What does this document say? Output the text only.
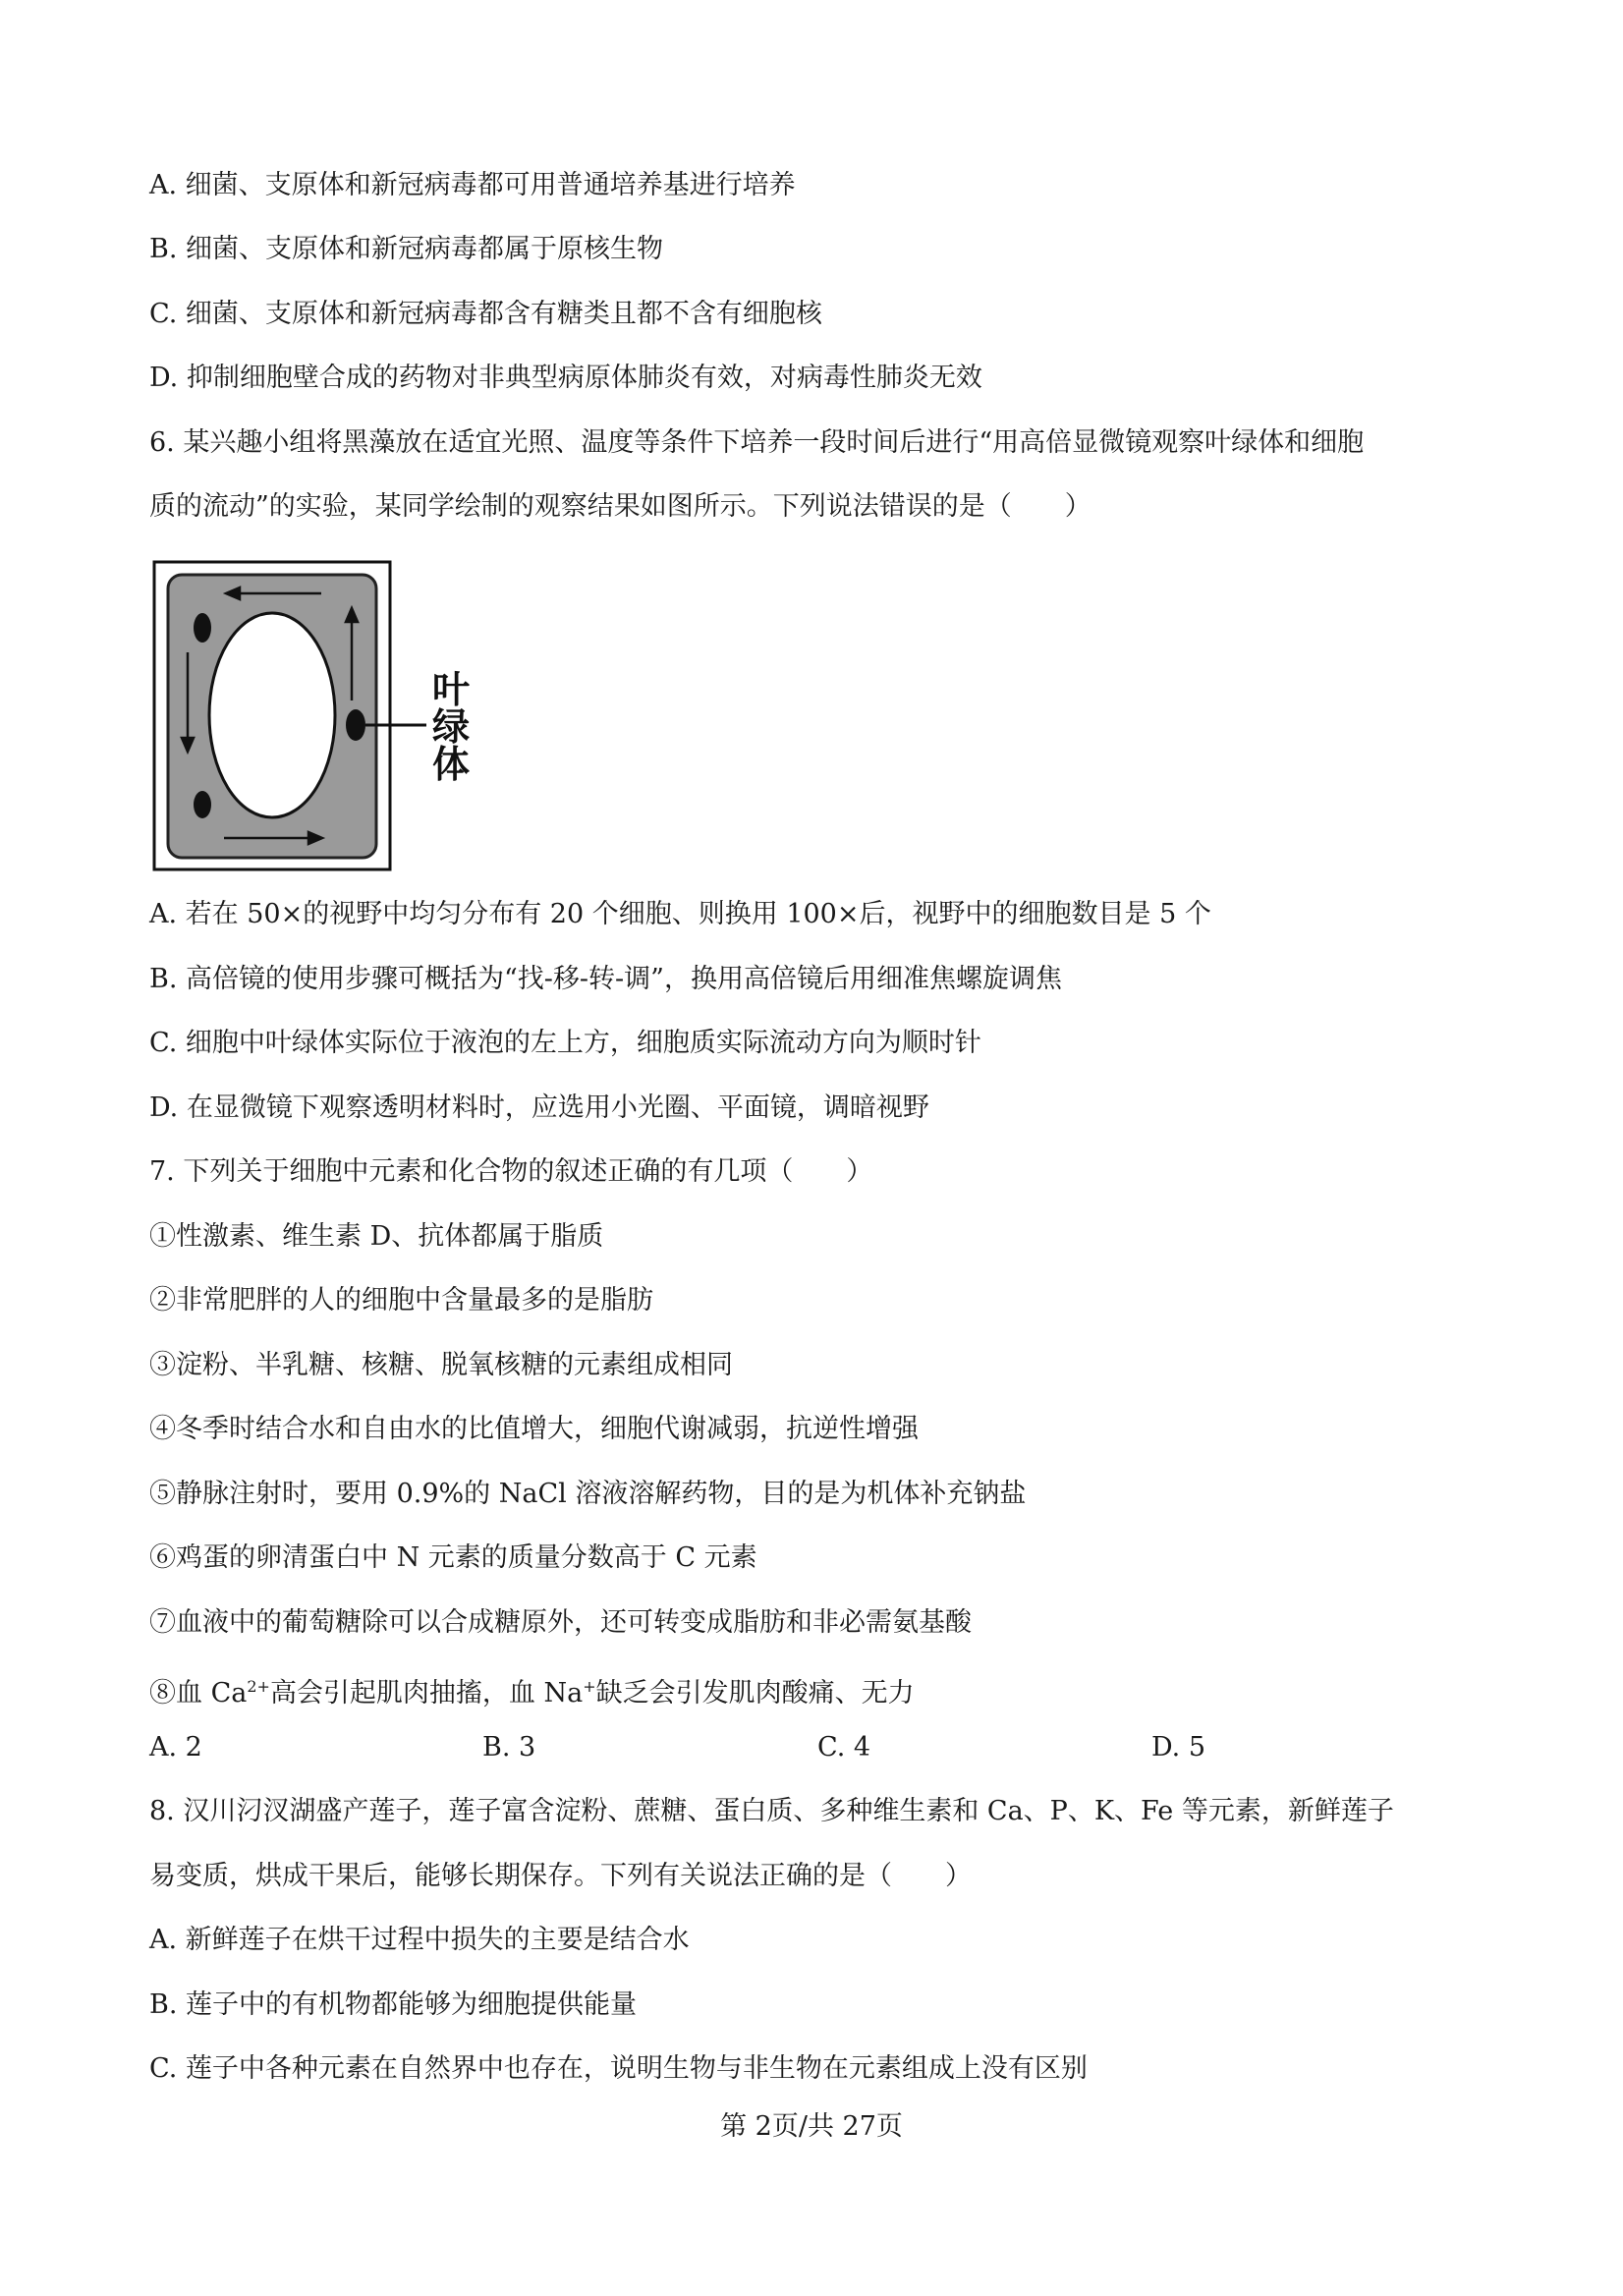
A. 细菌、支原体和新冠病毒都可用普通培养基进行培养
B. 细菌、支原体和新冠病毒都属于原核生物
C. 细菌、支原体和新冠病毒都含有糖类且都不含有细胞核
D. 抑制细胞壁合成的药物对非典型病原体肺炎有效，对病毒性肺炎无效
6. 某兴趣小组将黑藻放在适宜光照、温度等条件下培养一段时间后进行“用高倍显微镜观察叶绿体和细胞
质的流动”的实验，某同学绘制的观察结果如图所示。下列说法错误的是（　　）
叶
绿
体
A. 若在 50×的视野中均匀分布有 20 个细胞、则换用 100×后，视野中的细胞数目是 5 个
B. 高倍镜的使用步骤可概括为“找-移-转-调”，换用高倍镜后用细准焦螺旋调焦
C. 细胞中叶绿体实际位于液泡的左上方，细胞质实际流动方向为顺时针
D. 在显微镜下观察透明材料时，应选用小光圈、平面镜，调暗视野
7. 下列关于细胞中元素和化合物的叙述正确的有几项（　　）
①性激素、维生素 D、抗体都属于脂质
②非常肥胖的人的细胞中含量最多的是脂肪
③淀粉、半乳糖、核糖、脱氧核糖的元素组成相同
④冬季时结合水和自由水的比值增大，细胞代谢减弱，抗逆性增强
⑤静脉注射时，要用 0.9%的 NaCl 溶液溶解药物，目的是为机体补充钠盐
⑥鸡蛋的卵清蛋白中 N 元素的质量分数高于 C 元素
⑦血液中的葡萄糖除可以合成糖原外，还可转变成脂肪和非必需氨基酸
⑧血 $Ca^{2+}$高会引起肌肉抽搐，血 Na+缺乏会引发肌肉酸痛、无力
A. 2	B. 3	C. 4	D. 5
8. 汉川汈汊湖盛产莲子，莲子富含淀粉、蔗糖、蛋白质、多种维生素和 Ca、P、K、Fe 等元素，新鲜莲子
易变质，烘成干果后，能够长期保存。下列有关说法正确的是（　　）
A. 新鲜莲子在烘干过程中损失的主要是结合水
B. 莲子中的有机物都能够为细胞提供能量
C. 莲子中各种元素在自然界中也存在，说明生物与非生物在元素组成上没有区别
第 2页/共 27页
